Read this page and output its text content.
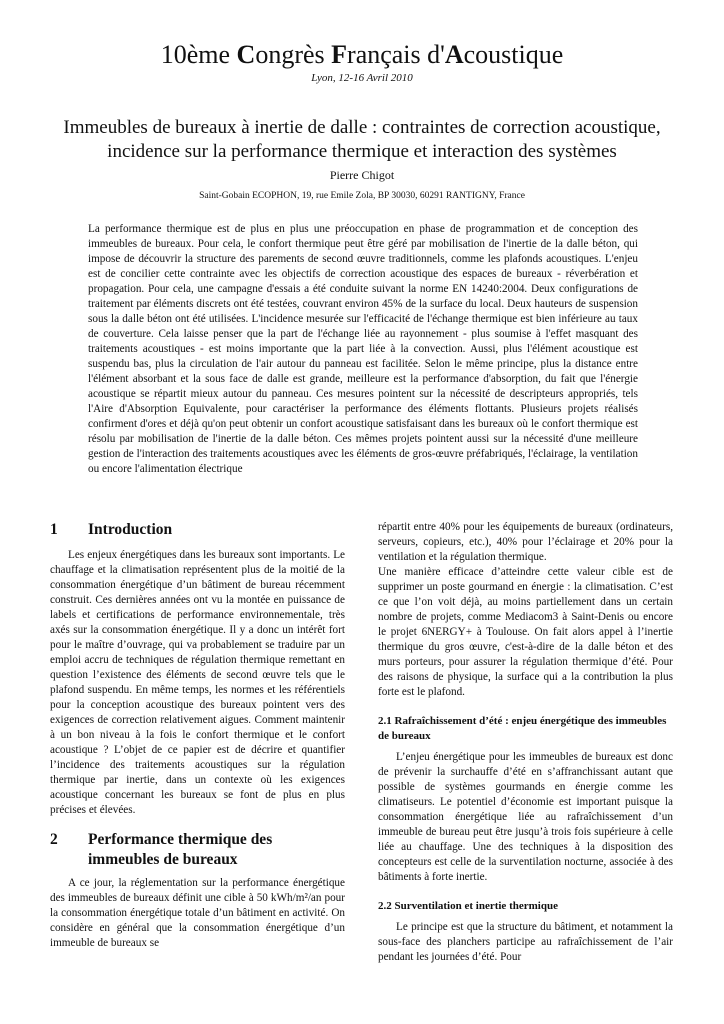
10ème Congrès Français d'Acoustique
Lyon, 12-16 Avril 2010
Immeubles de bureaux à inertie de dalle : contraintes de correction acoustique,
incidence sur la performance thermique et interaction des systèmes
Pierre Chigot
Saint-Gobain ECOPHON, 19, rue Emile Zola, BP 30030, 60291 RANTIGNY, France

La performance thermique est de plus en plus une préoccupation en phase de programmation et de conception des immeubles de bureaux. Pour cela, le confort thermique peut être géré par mobilisation de l'inertie de la dalle béton, qui impose de découvrir la structure des parements de second œuvre traditionnels, comme les plafonds acoustiques. L'enjeu est de concilier cette contrainte avec les objectifs de correction acoustique des espaces de bureaux - réverbération et propagation. Pour cela, une campagne d'essais a été conduite suivant la norme EN 14240:2004. Deux configurations de traitement par éléments discrets ont été testées, couvrant environ 45% de la surface du local. Deux hauteurs de suspension sous la dalle béton ont été utilisées. L'incidence mesurée sur l'efficacité de l'échange thermique est bien inférieure au taux de couverture. Cela laisse penser que la part de l'échange liée au rayonnement - plus soumise à l'effet masquant des traitements acoustiques - est moins importante que la part liée à la convection. Aussi, plus l'élément acoustique est suspendu bas, plus la circulation de l'air autour du panneau est facilitée. Selon le même principe, plus la distance entre l'élément absorbant et la sous face de dalle est grande, meilleure est la performance d'absorption, du fait que l'énergie acoustique se répartit mieux autour du panneau. Ces mesures pointent sur la nécessité de descripteurs appropriés, tels l'Aire d'Absorption Equivalente, pour caractériser la performance des éléments flottants. Plusieurs projets réalisés confirment d'ores et déjà qu'on peut obtenir un confort acoustique satisfaisant dans les bureaux où le confort thermique est résolu par mobilisation de l'inertie de la dalle béton. Ces mêmes projets pointent aussi sur la nécessité d'une meilleure gestion de l'interaction des traitements acoustiques avec les éléments de gros-œuvre préfabriqués, l'éclairage, la ventilation ou encore l'alimentation électrique

1	Introduction

Les enjeux énergétiques dans les bureaux sont importants. Le chauffage et la climatisation représentent plus de la moitié de la consommation énergétique d’un bâtiment de bureau récemment construit. Ces dernières années ont vu la montée en puissance de labels et certifications de performance environnementale, très axés sur la consommation énergétique. Il y a donc un intérêt fort pour le maître d’ouvrage, qui va probablement se traduire par un emploi accru de techniques de régulation thermique remettant en question l’existence des éléments de second œuvre tels que le plafond suspendu. En même temps, les normes et les référentiels pour la conception acoustique des bureaux pointent vers des exigences de correction relativement aigues. Comment maintenir à un bon niveau à la fois le confort thermique et le confort acoustique ? L’objet de ce papier est de décrire et quantifier l’incidence des traitements acoustiques sur la régulation thermique par inertie, dans un contexte où les exigences acoustique concernant les bureaux se font de plus en plus précises et élevées.

2	Performance thermique des immeubles de bureaux

A ce jour, la réglementation sur la performance énergétique des immeubles de bureaux définit une cible à 50 kWh/m²/an pour la consommation énergétique totale d’un bâtiment en activité. On considère en général que la consommation énergétique d’un immeuble de bureaux se

répartit entre 40% pour les équipements de bureaux (ordinateurs, serveurs, copieurs, etc.), 40% pour l’éclairage et 20% pour la ventilation et la régulation thermique.

Une manière efficace d’atteindre cette valeur cible est de supprimer un poste gourmand en énergie : la climatisation. C’est ce que l’on voit déjà, au moins partiellement dans un certain nombre de projets, comme Mediacom3 à Saint-Denis ou encore le projet 6NERGY+ à Toulouse. On fait alors appel à l’inertie thermique du gros œuvre, c'est-à-dire de la dalle béton et des murs porteurs, pour assurer la régulation thermique d’été. Pour des raisons de physique, la surface qui a la contribution la plus forte est le plafond.

2.1 Rafraîchissement d’été : enjeu énergétique des immeubles de bureaux

L’enjeu énergétique pour les immeubles de bureaux est donc de prévenir la surchauffe d’été en s’affranchissant autant que possible de systèmes gourmands en énergie comme les climatiseurs. Le potentiel d’économie est important puisque la consommation énergétique liée au rafraîchissement d’un immeuble de bureau peut être jusqu’à trois fois supérieure à celle liée au chauffage. Une des techniques à la disposition des concepteurs est celle de la surventilation nocturne, associée à des bâtiments à forte inertie.

2.2 Surventilation et inertie thermique

Le principe est que la structure du bâtiment, et notamment la sous-face des planchers participe au rafraîchissement de l’air pendant les journées d’été. Pour
